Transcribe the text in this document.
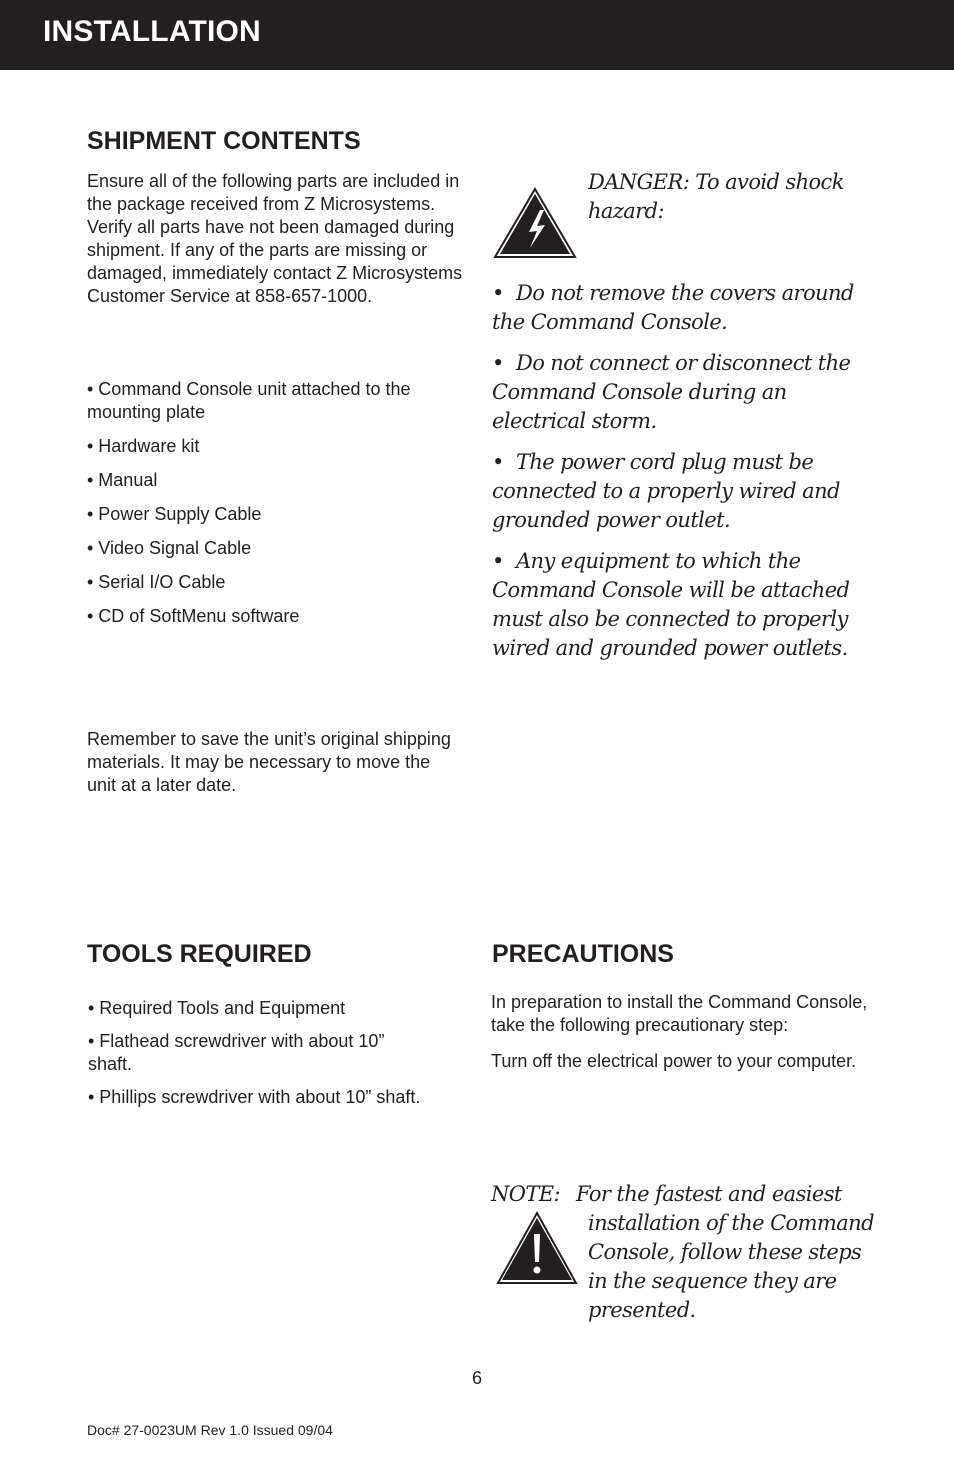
INSTALLATION
SHIPMENT CONTENTS

Ensure all of the following parts are included in the package received from Z Microsystems. Verify all parts have not been damaged during shipment. If any of the parts are missing or damaged, immediately contact Z Microsystems Customer Service at 858-657-1000.

• Command Console unit attached to the mounting plate
• Hardware kit
• Manual
• Power Supply Cable
• Video Signal Cable
• Serial I/O Cable
• CD of SoftMenu software

Remember to save the unit’s original shipping materials. It may be necessary to move the unit at a later date.

DANGER: To avoid shock hazard:

• Do not remove the covers around the Command Console.

• Do not connect or disconnect the Command Console during an electrical storm.

• The power cord plug must be connected to a properly wired and grounded power outlet.

• Any equipment to which the Command Console will be attached must also be connected to properly wired and grounded power outlets.

TOOLS REQUIRED
• Required Tools and Equipment
• Flathead screwdriver with about 10” shaft.
• Phillips screwdriver with about 10” shaft.
PRECAUTIONS

In preparation to install the Command Console, take the following precautionary step:

Turn off the electrical power to your computer.

NOTE: For the fastest and easiest installation of the Command Console, follow these steps in the sequence they are presented.

6
Doc# 27-0023UM Rev 1.0 Issued 09/04
